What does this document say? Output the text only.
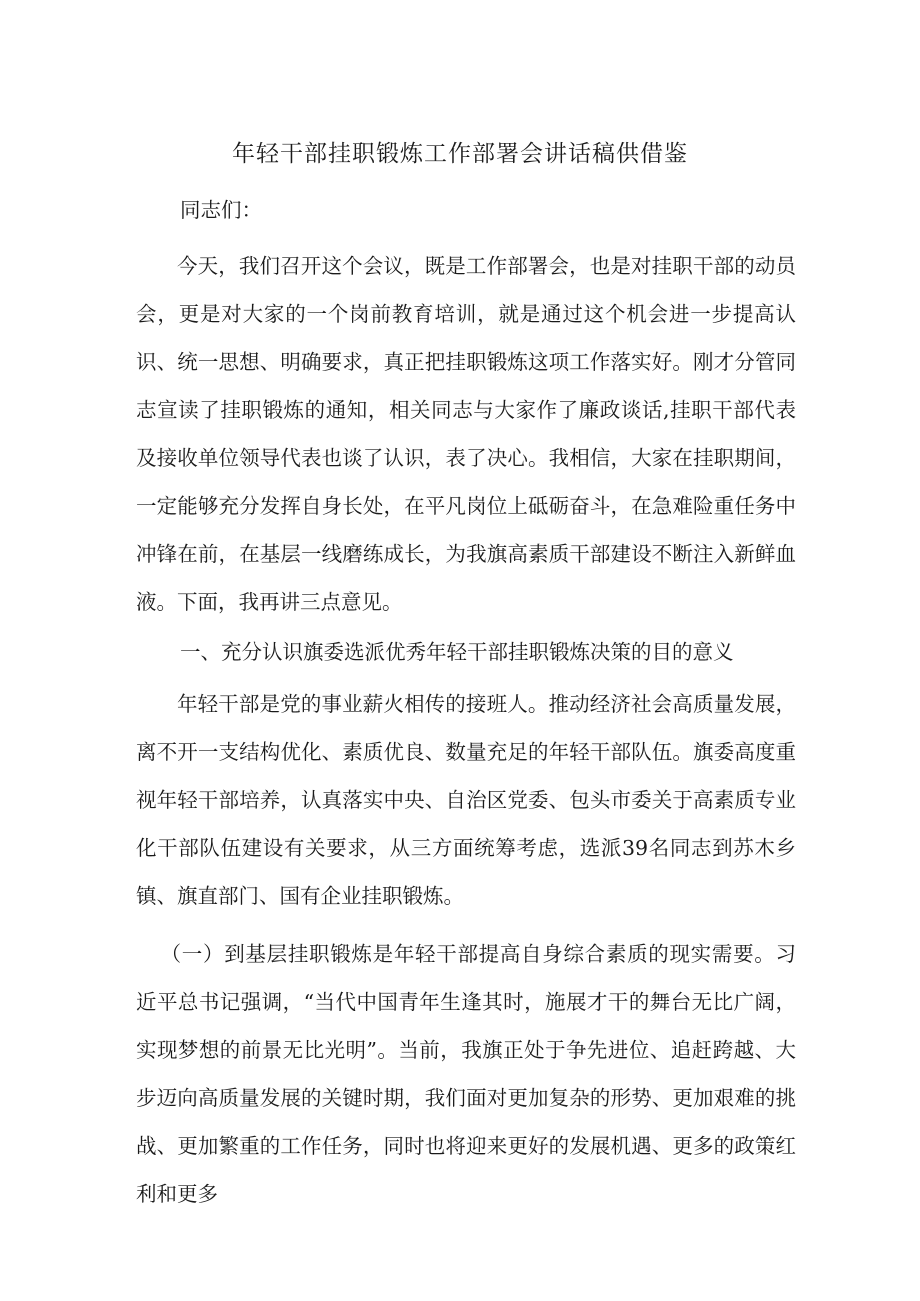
年轻干部挂职锻炼工作部署会讲话稿供借鉴
同志们：

今天，我们召开这个会议，既是工作部署会，也是对挂职干部的动员会，更是对大家的一个岗前教育培训，就是通过这个机会进一步提高认识、统一思想、明确要求，真正把挂职锻炼这项工作落实好。刚才分管同志宣读了挂职锻炼的通知，相关同志与大家作了廉政谈话,挂职干部代表及接收单位领导代表也谈了认识，表了决心。我相信，大家在挂职期间，一定能够充分发挥自身长处，在平凡岗位上砥砺奋斗，在急难险重任务中冲锋在前，在基层一线磨练成长，为我旗高素质干部建设不断注入新鲜血液。下面，我再讲三点意见。

一、充分认识旗委选派优秀年轻干部挂职锻炼决策的目的意义

年轻干部是党的事业薪火相传的接班人。推动经济社会高质量发展，离不开一支结构优化、素质优良、数量充足的年轻干部队伍。旗委高度重视年轻干部培养，认真落实中央、自治区党委、包头市委关于高素质专业化干部队伍建设有关要求，从三方面统筹考虑，选派39名同志到苏木乡镇、旗直部门、国有企业挂职锻炼。

（一）到基层挂职锻炼是年轻干部提高自身综合素质的现实需要。习近平总书记强调，“当代中国青年生逢其时，施展才干的舞台无比广阔，实现梦想的前景无比光明”。当前，我旗正处于争先进位、追赶跨越、大步迈向高质量发展的关键时期，我们面对更加复杂的形势、更加艰难的挑战、更加繁重的工作任务，同时也将迎来更好的发展机遇、更多的政策红利和更多
